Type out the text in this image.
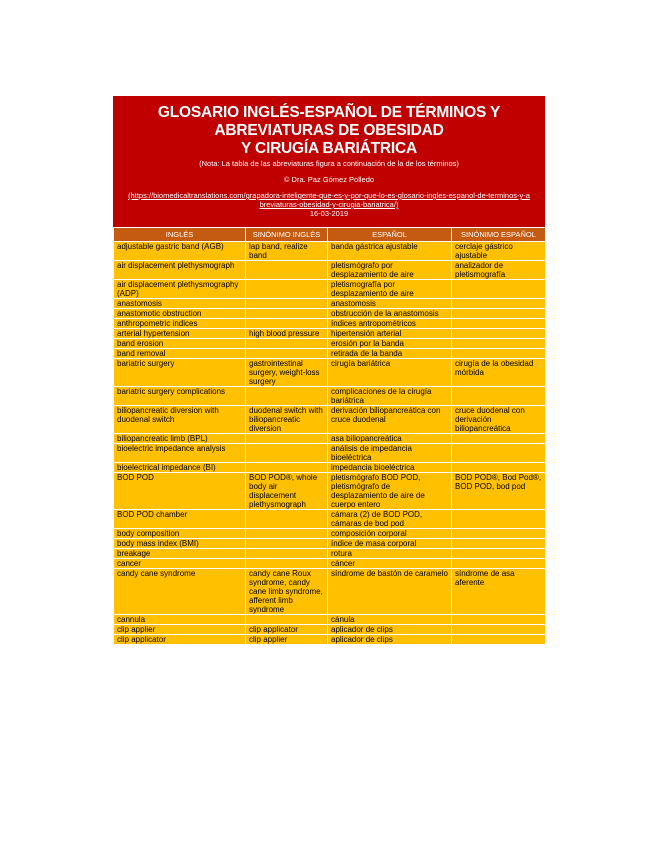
GLOSARIO INGLÉS-ESPAÑOL DE TÉRMINOS Y
ABREVIATURAS DE OBESIDAD
Y CIRUGÍA BARIÁTRICA
(Nota: La tabla de las abreviaturas figura a continuación de la de los términos)
© Dra. Paz Gómez Polledo
(https://biomedicaltranslations.com/grapadora-inteligente-que-es-y-por-que-lo-es-glosario-ingles-espanol-de-terminos-y-abreviaturas-obesidad-y-cirugia-bariatrica/)
16-03-2019
INGLÉS	SINÓNIMO INGLÉS	ESPAÑOL	SINÓNIMO ESPAÑOL
adjustable gastric band (AGB)	lap band, realize band	banda gástrica ajustable	cerclaje gástrico ajustable
air displacement plethysmograph		pletismógrafo por desplazamiento de aire	analizador de pletismografía
air displacement plethysmography (ADP)		pletismografía por desplazamiento de aire	
anastomosis		anastomosis	
anastomotic obstruction		obstrucción de la anastomosis	
anthropometric indices		índices antropométricos	
arterial hypertension	high blood pressure	hipertensión arterial	
band erosion		erosión por la banda	
band removal		retirada de la banda	
bariatric surgery	gastrointestinal surgery, weight-loss surgery	cirugía bariátrica	cirugía de la obesidad mórbida
bariatric surgery complications		complicaciones de la cirugía bariátrica	
biliopancreatic diversion with duodenal switch	duodenal switch with biliopancreatic diversion	derivación biliopancreática con cruce duodenal	cruce duodenal con derivación biliopancreática
biliopancreatic limb (BPL)		asa biliopancreática	
bioelectric impedance analysis		análisis de impedancia bioeléctrica	
bioelectrical impedance (BI)		impedancia bioeléctrica	
BOD POD	BOD POD®, whole body air displacement plethysmograph	pletismógrafo BOD POD, pletismógrafo de desplazamiento de aire de cuerpo entero	BOD POD®, Bod Pod®, BOD POD, bod pod
BOD POD chamber		cámara (2) de BOD POD, cámaras de bod pod	
body composition		composición corporal	
body mass index (BMI)		índice de masa corporal	
breakage		rotura	
cancer		cáncer	
candy cane syndrome	candy cane Roux syndrome, candy cane limb syndrome, afferent limb syndrome	síndrome de bastón de caramelo	síndrome de asa aferente
cannula		cánula	
clip applier	clip applicator	aplicador de clips	
clip applicator	clip applier	aplicador de clips	
